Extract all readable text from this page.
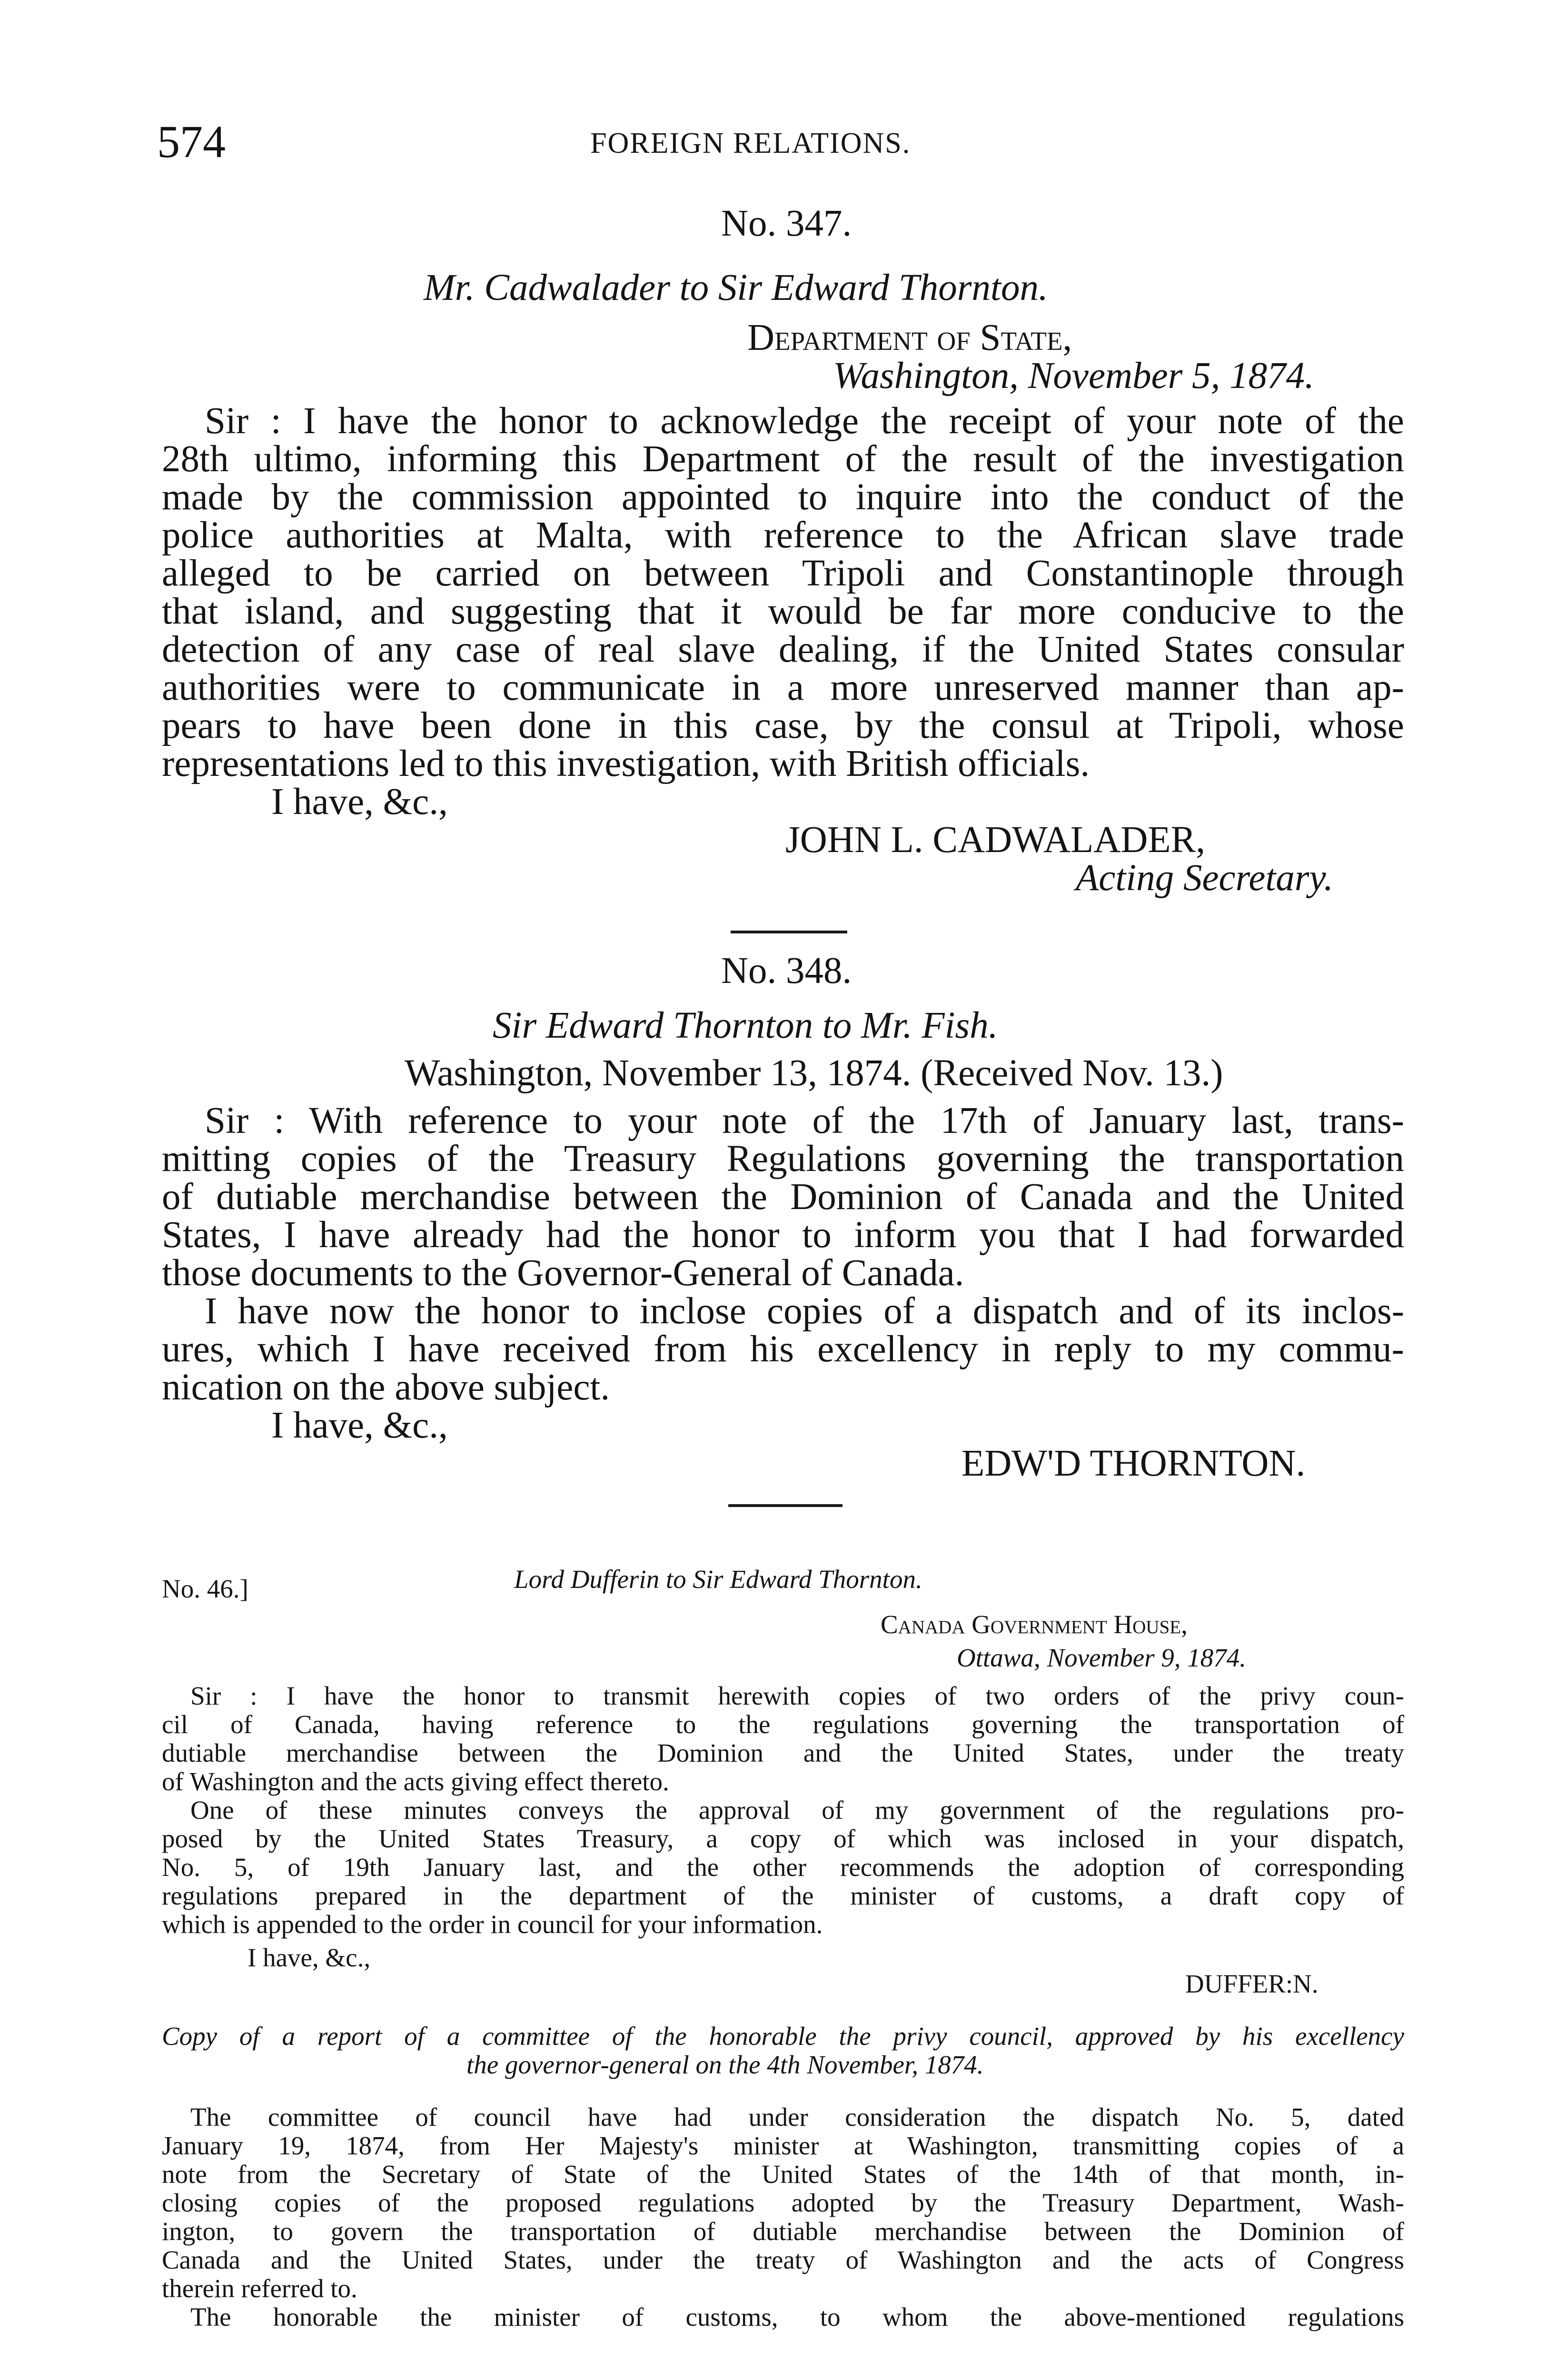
574	FOREIGN RELATIONS.
No. 347.
Mr. Cadwalader to Sir Edward Thornton.
Department of State,
Washington, November 5, 1874.
Sir : I have the honor to acknowledge the receipt of your note of the
28th ultimo, informing this Department of the result of the investigation
made by the commission appointed to inquire into the conduct of the
police authorities at Malta, with reference to the African slave trade
alleged to be carried on between Tripoli and Constantinople through
that island, and suggesting that it would be far more conducive to the
detection of any case of real slave dealing, if the United States consular
authorities were to communicate in a more unreserved manner than ap-
pears to have been done in this case, by the consul at Tripoli, whose
representations led to this investigation, with British officials.
I have, &c.,
JOHN L. CADWALADER,
Acting Secretary.
No. 348.
Sir Edward Thornton to Mr. Fish.
Washington, November 13, 1874. (Received Nov. 13.)
Sir : With reference to your note of the 17th of January last, trans-
mitting copies of the Treasury Regulations governing the transportation
of dutiable merchandise between the Dominion of Canada and the United
States, I have already had the honor to inform you that I had forwarded
those documents to the Governor-General of Canada.
I have now the honor to inclose copies of a dispatch and of its inclos-
ures, which I have received from his excellency in reply to my commu-
nication on the above subject.
I have, &c.,
EDW'D THORNTON.
No. 46.]	Lord Dufferin to Sir Edward Thornton.
Canada Government House,
Ottawa, November 9, 1874.
Sir : I have the honor to transmit herewith copies of two orders of the privy coun-
cil of Canada, having reference to the regulations governing the transportation of
dutiable merchandise between the Dominion and the United States, under the treaty
of Washington and the acts giving effect thereto.
One of these minutes conveys the approval of my government of the regulations pro-
posed by the United States Treasury, a copy of which was inclosed in your dispatch,
No. 5, of 19th January last, and the other recommends the adoption of corresponding
regulations prepared in the department of the minister of customs, a draft copy of
which is appended to the order in council for your information.
I have, &c.,
DUFFER:N.
Copy of a report of a committee of the honorable the privy council, approved by his excellency
the governor-general on the 4th November, 1874.
The committee of council have had under consideration the dispatch No. 5, dated
January 19, 1874, from Her Majesty's minister at Washington, transmitting copies of a
note from the Secretary of State of the United States of the 14th of that month, in-
closing copies of the proposed regulations adopted by the Treasury Department, Wash-
ington, to govern the transportation of dutiable merchandise between the Dominion of
Canada and the United States, under the treaty of Washington and the acts of Congress
therein referred to.
The honorable the minister of customs, to whom the above-mentioned regulations
